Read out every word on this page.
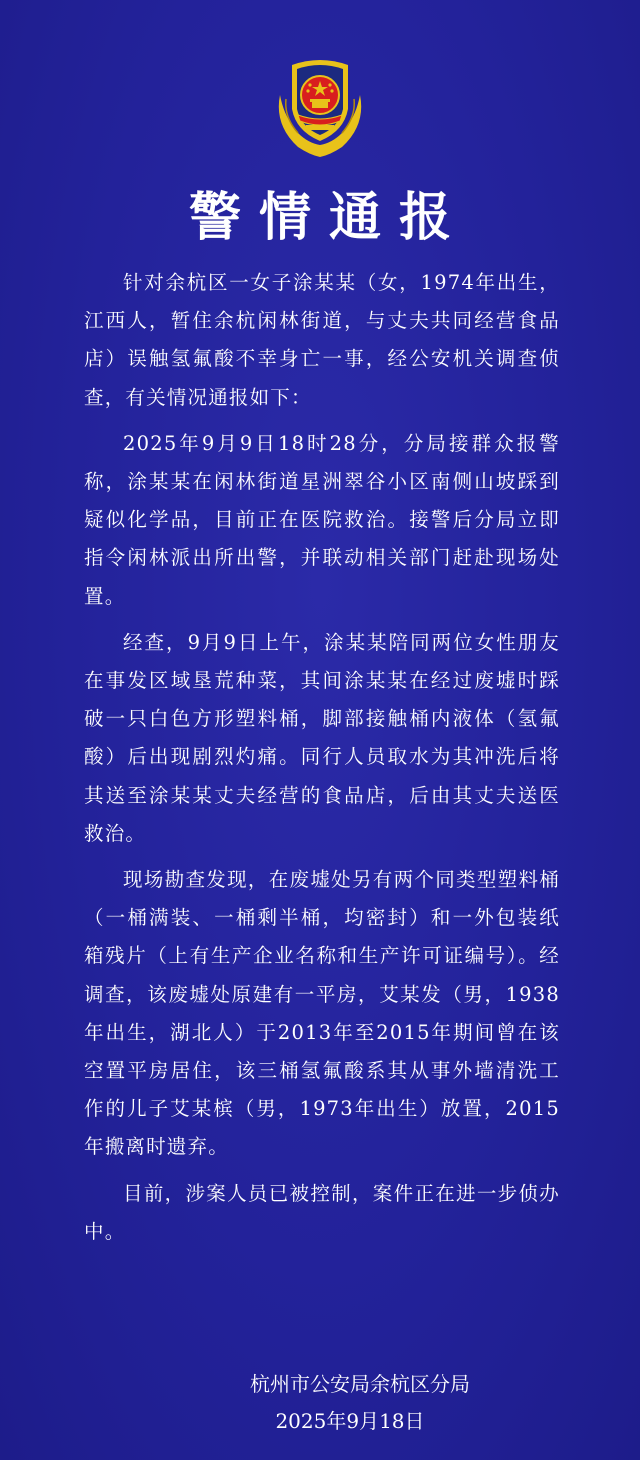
警情通报

针对余杭区一女子涂某某（女，1974年出生，江西人，暂住余杭闲林街道，与丈夫共同经营食品店）误触氢氟酸不幸身亡一事，经公安机关调查侦查，有关情况通报如下：

2025年9月9日18时28分，分局接群众报警称，涂某某在闲林街道星洲翠谷小区南侧山坡踩到疑似化学品，目前正在医院救治。接警后分局立即指令闲林派出所出警，并联动相关部门赶赴现场处置。

经查，9月9日上午，涂某某陪同两位女性朋友在事发区域垦荒种菜，其间涂某某在经过废墟时踩破一只白色方形塑料桶，脚部接触桶内液体（氢氟酸）后出现剧烈灼痛。同行人员取水为其冲洗后将其送至涂某某丈夫经营的食品店，后由其丈夫送医救治。

现场勘查发现，在废墟处另有两个同类型塑料桶（一桶满装、一桶剩半桶，均密封）和一外包装纸箱残片（上有生产企业名称和生产许可证编号）。经调查，该废墟处原建有一平房，艾某发（男，1938年出生，湖北人）于2013年至2015年期间曾在该空置平房居住，该三桶氢氟酸系其从事外墙清洗工作的儿子艾某槟（男，1973年出生）放置，2015年搬离时遗弃。

目前，涉案人员已被控制，案件正在进一步侦办中。

杭州市公安局余杭区分局

2025年9月18日
